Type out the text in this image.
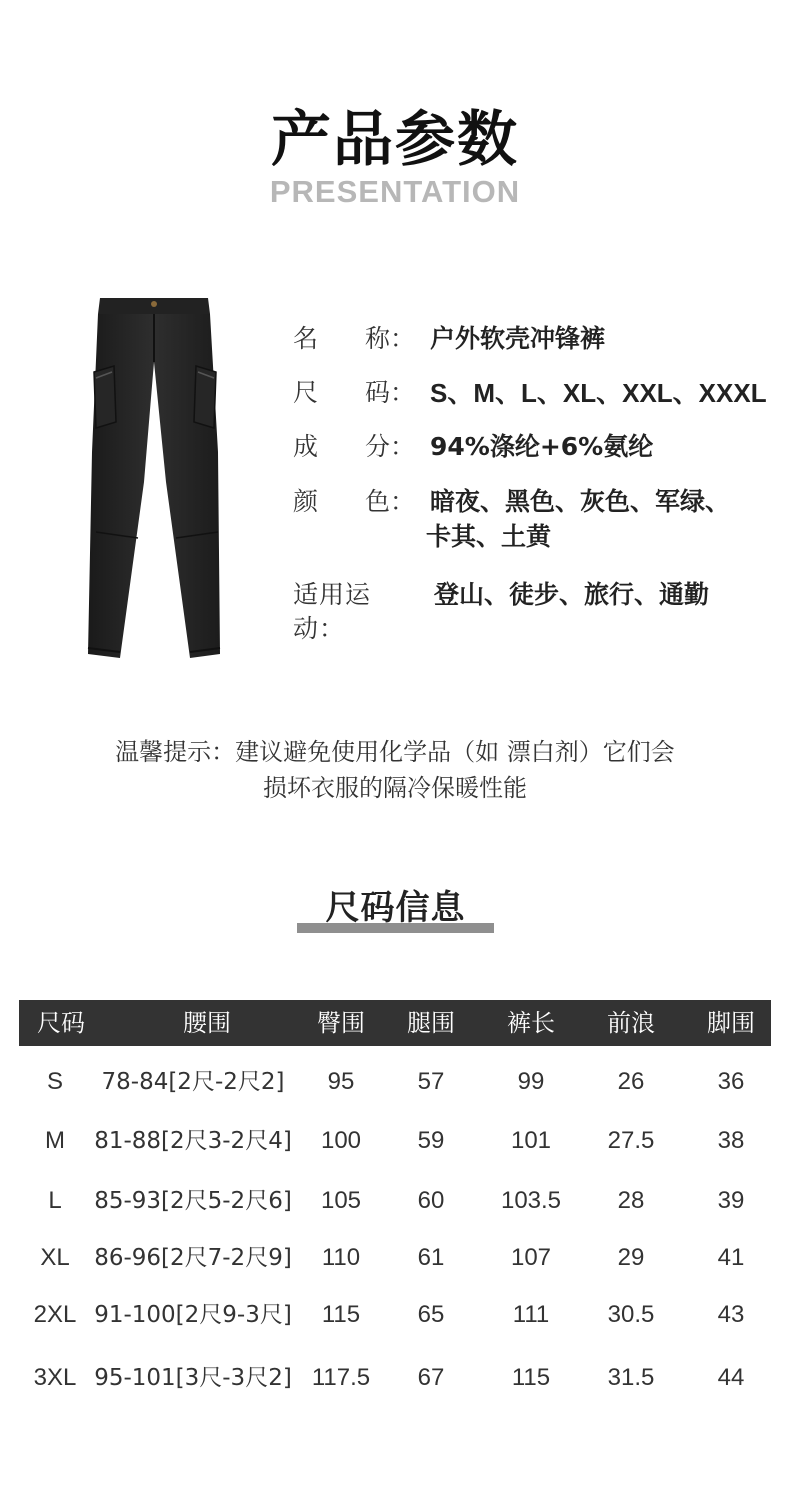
产品参数
PRESENTATION
名 称： 户外软壳冲锋裤
尺 码： S、M、L、XL、XXL、XXXL
成 分： 94%涤纶+6%氨纶
颜 色： 暗夜、黑色、灰色、军绿、
卡其、土黄
适用运动：
登山、徒步、旅行、通勤
温馨提示：建议避免使用化学品（如 漂白剂）它们会
损坏衣服的隔冷保暖性能
尺码信息
尺码	腰围	臀围	腿围	裤长	前浪	脚围
S	78-84[2尺-2尺2]	95	57	99	26	36
M	81-88[2尺3-2尺4]	100	59	101	27.5	38
L	85-93[2尺5-2尺6]	105	60	103.5	28	39
XL	86-96[2尺7-2尺9]	110	61	107	29	41
2XL 91-100[2尺9-3尺]	115	65	111	30.5	43
3XL 95-101[3尺-3尺2] 117.5	67	115	31.5	44
